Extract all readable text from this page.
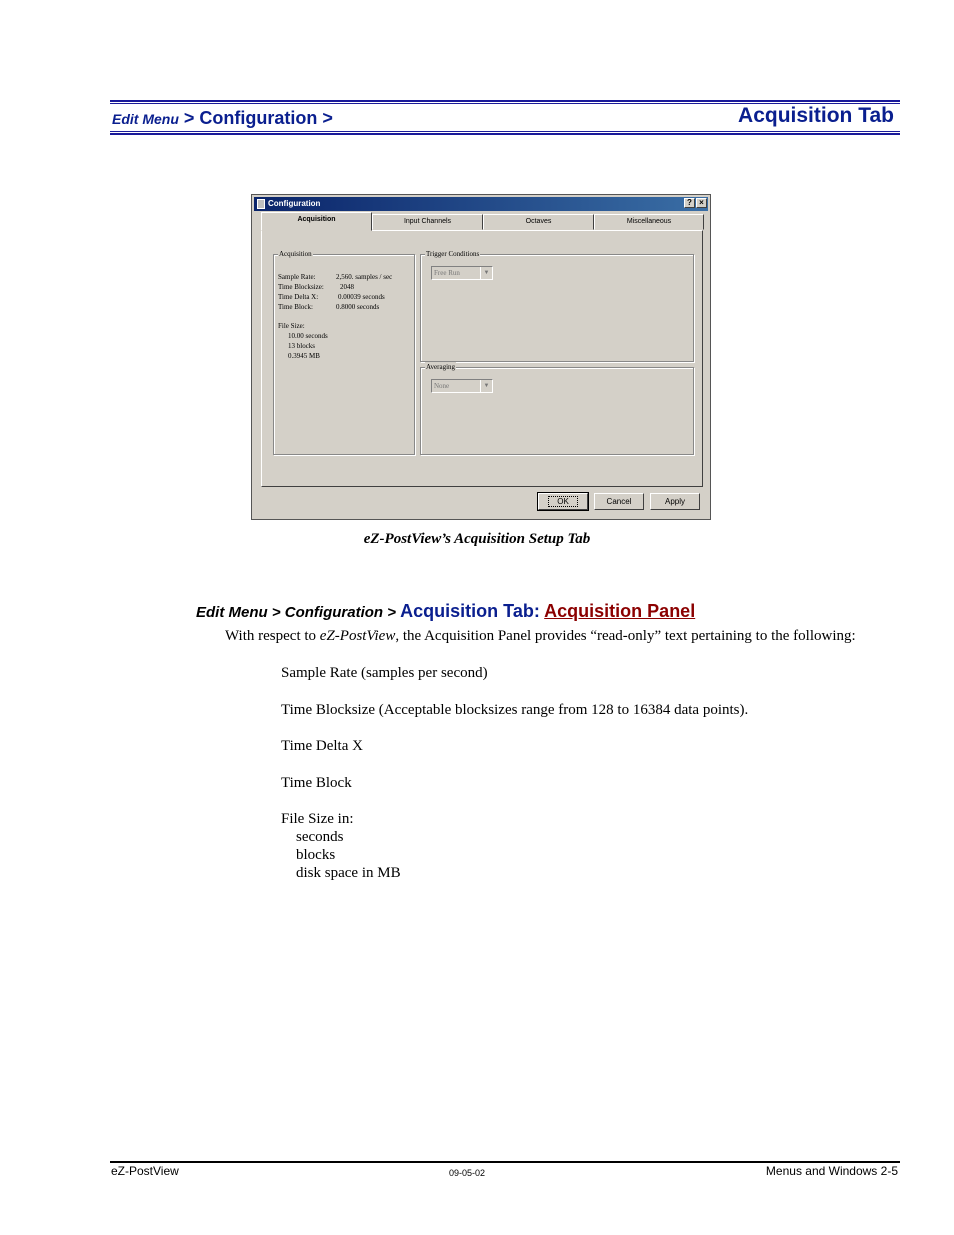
Edit Menu > Configuration >	Acquisition Tab
Configuration	? ×
Acquisition	Input Channels	Octaves	Miscellaneous
Acquisition
Sample Rate:	2,560. samples / sec
Time Blocksize: 2048
Time Delta X:	0.00039 seconds
Time Block:	0.8000 seconds
File Size:
10.00 seconds
13 blocks
0.3945 MB
Trigger Conditions
Free Run	▼
Averaging
None	▼
OK	Cancel	Apply
eZ-PostView’s Acquisition Setup Tab
Edit Menu > Configuration > Acquisition Tab: Acquisition Panel
With respect to eZ-PostView, the Acquisition Panel provides “read-only” text pertaining to the following:
Sample Rate (samples per second)
Time Blocksize (Acceptable blocksizes range from 128 to 16384 data points).
Time Delta X
Time Block
File Size in:
seconds
blocks
disk space in MB
eZ-PostView	09-05-02	Menus and Windows 2-5
